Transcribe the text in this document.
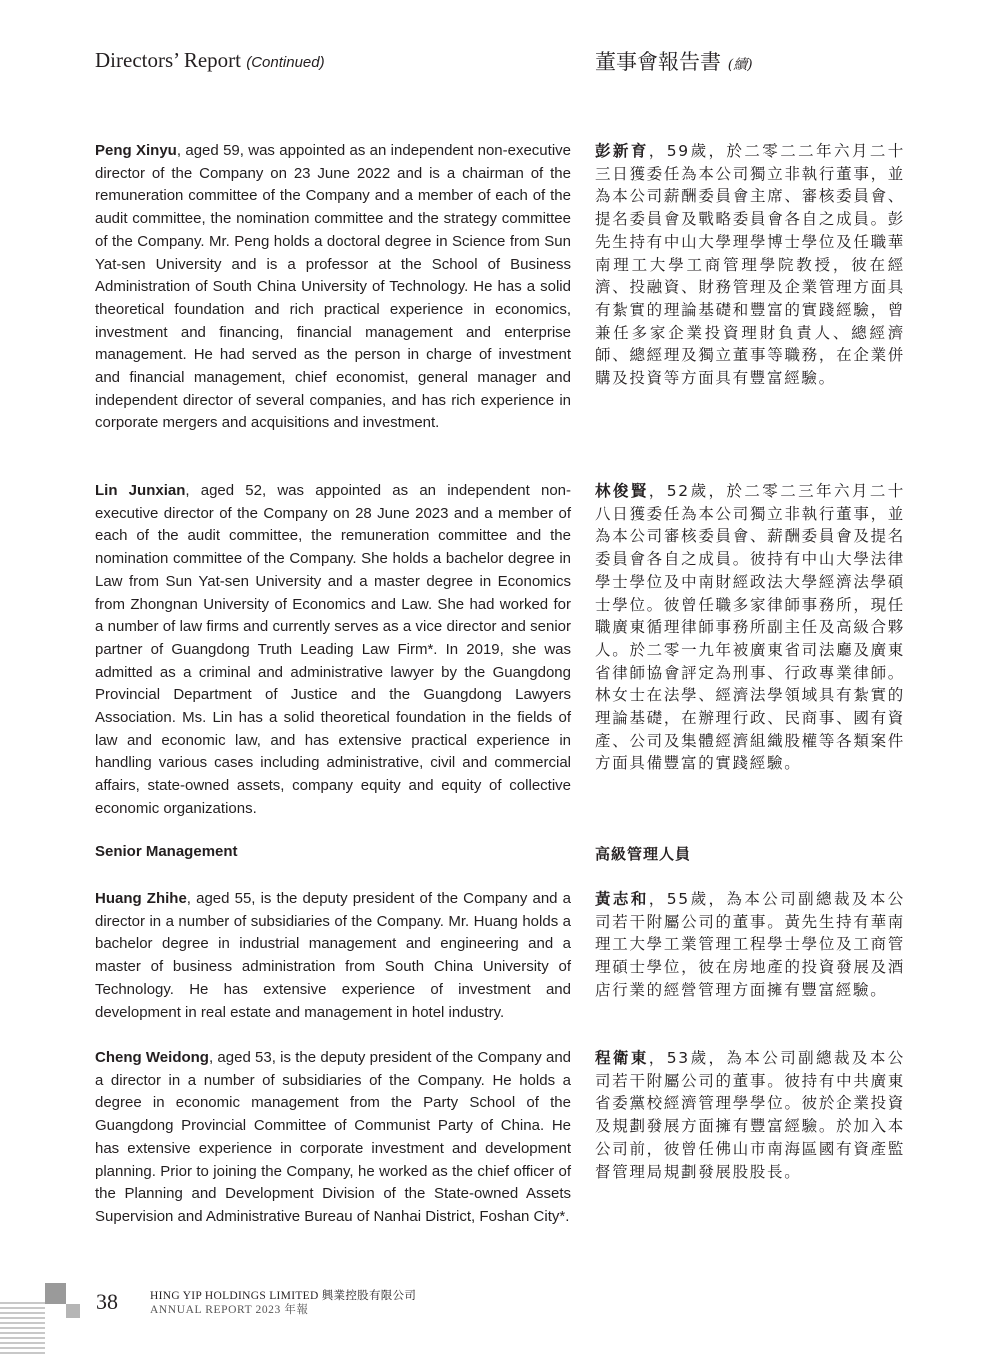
Directors’ Report (Continued)	董事會報告書 (續)

Peng Xinyu, aged 59, was appointed as an independent non-executive director of the Company on 23 June 2022 and is a chairman of the remuneration committee of the Company and a member of each of the audit committee, the nomination committee and the strategy committee of the Company. Mr. Peng holds a doctoral degree in Science from Sun Yat-sen University and is a professor at the School of Business Administration of South China University of Technology. He has a solid theoretical foundation and rich practical experience in economics, investment and financing, financial management and enterprise management. He had served as the person in charge of investment and financial management, chief economist, general manager and independent director of several companies, and has rich experience in corporate mergers and acquisitions and investment.

彭新育，59歲，於二零二二年六月二十三日獲委任為本公司獨立非執行董事，並為本公司薪酬委員會主席、審核委員會、提名委員會及戰略委員會各自之成員。彭先生持有中山大學理學博士學位及任職華南理工大學工商管理學院教授，彼在經濟、投融資、財務管理及企業管理方面具有紮實的理論基礎和豐富的實踐經驗，曾兼任多家企業投資理財負責人、總經濟師、總經理及獨立董事等職務，在企業併購及投資等方面具有豐富經驗。

Lin Junxian, aged 52, was appointed as an independent non-executive director of the Company on 28 June 2023 and a member of each of the audit committee, the remuneration committee and the nomination committee of the Company. She holds a bachelor degree in Law from Sun Yat-sen University and a master degree in Economics from Zhongnan University of Economics and Law. She had worked for a number of law firms and currently serves as a vice director and senior partner of Guangdong Truth Leading Law Firm*. In 2019, she was admitted as a criminal and administrative lawyer by the Guangdong Provincial Department of Justice and the Guangdong Lawyers Association. Ms. Lin has a solid theoretical foundation in the fields of law and economic law, and has extensive practical experience in handling various cases including administrative, civil and commercial affairs, state-owned assets, company equity and equity of collective economic organizations.

林俊賢，52歲，於二零二三年六月二十八日獲委任為本公司獨立非執行董事，並為本公司審核委員會、薪酬委員會及提名委員會各自之成員。彼持有中山大學法律學士學位及中南財經政法大學經濟法學碩士學位。彼曾任職多家律師事務所，現任職廣東循理律師事務所副主任及高級合夥人。於二零一九年被廣東省司法廳及廣東省律師協會評定為刑事、行政專業律師。林女士在法學、經濟法學領域具有紮實的理論基礎，在辦理行政、民商事、國有資產、公司及集體經濟組織股權等各類案件方面具備豐富的實踐經驗。

Senior Management	高級管理人員

Huang Zhihe, aged 55, is the deputy president of the Company and a director in a number of subsidiaries of the Company. Mr. Huang holds a bachelor degree in industrial management and engineering and a master of business administration from South China University of Technology. He has extensive experience of investment and development in real estate and management in hotel industry.

黃志和，55歲，為本公司副總裁及本公司若干附屬公司的董事。黃先生持有華南理工大學工業管理工程學士學位及工商管理碩士學位，彼在房地產的投資發展及酒店行業的經營管理方面擁有豐富經驗。

Cheng Weidong, aged 53, is the deputy president of the Company and a director in a number of subsidiaries of the Company. He holds a degree in economic management from the Party School of the Guangdong Provincial Committee of Communist Party of China. He has extensive experience in corporate investment and development planning. Prior to joining the Company, he worked as the chief officer of the Planning and Development Division of the State-owned Assets Supervision and Administrative Bureau of Nanhai District, Foshan City*.

程衛東，53歲，為本公司副總裁及本公司若干附屬公司的董事。彼持有中共廣東省委黨校經濟管理學學位。彼於企業投資及規劃發展方面擁有豐富經驗。於加入本公司前，彼曾任佛山市南海區國有資產監督管理局規劃發展股股長。

38	HING YIP HOLDINGS LIMITED 興業控股有限公司
ANNUAL REPORT 2023 年報
